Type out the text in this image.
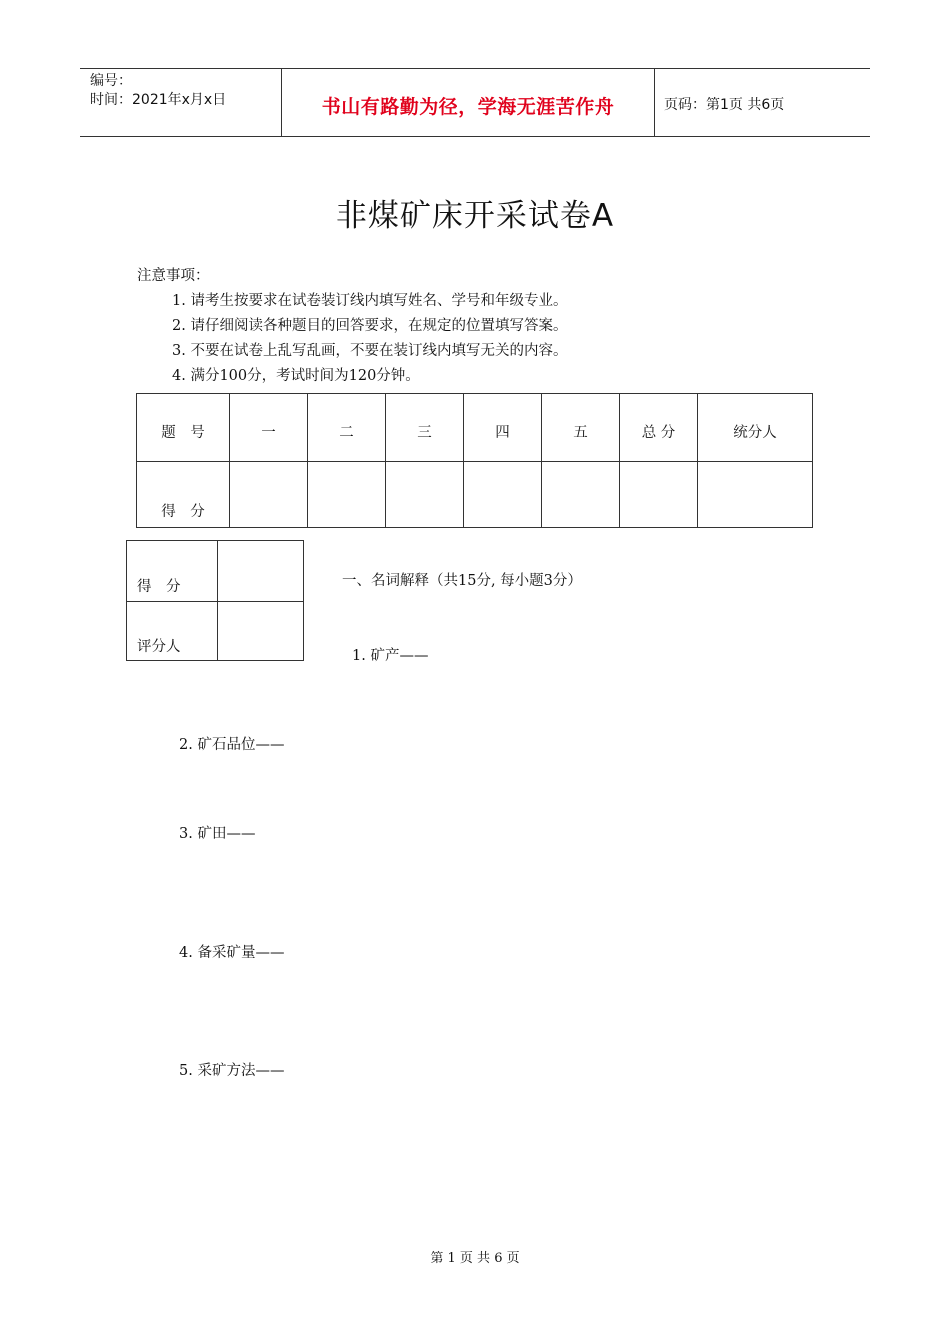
编号：
时间：2021年x月x日	书山有路勤为径，学海无涯苦作舟	页码：第1页 共6页
非煤矿床开采试卷A
注意事项：
1. 请考生按要求在试卷装订线内填写姓名、学号和年级专业。
2. 请仔细阅读各种题目的回答要求，在规定的位置填写答案。
3. 不要在试卷上乱写乱画，不要在装订线内填写无关的内容。
4. 满分100分，考试时间为120分钟。
题　号	一	二	三	四	五	总 分	统分人
得　分							
得　分	
评分人	
一、名词解释（共15分, 每小题3分）
1. 矿产——
2. 矿石品位——
3. 矿田——
4. 备采矿量——
5. 采矿方法——
第 1 页 共 6 页
